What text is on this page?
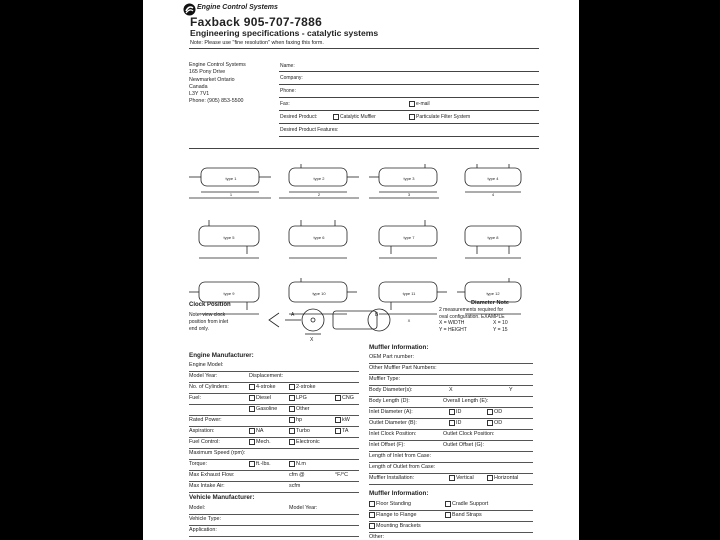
Engine Control Systems
Faxback 905-707-7886
Engineering specifications - catalytic systems
Note: Please use "fine resolution" when faxing this form.
Engine Control Systems
165 Pony Drive
Newmarket Ontario
Canada
L3Y 7V1
Phone: (905) 853-5500
Name:
Company:
Phone:
Fax:	e-mail
Desired Product:	Catalytic Muffler	Particulate Filter System
Desired Product Features:
type 1	type 2	type 3	type 4
type 5	type 6	type 7	type 8
type 9	type 10	type 11	type 12
1	2	3	4
X
Clock Position
Note: view clock
position from inlet
end only.
A
X
B
Diameter Note
2 measurements required for
oval configuration. EXAMPLE
X = WIDTH	X = 10
Y = HEIGHT	Y = 15
Engine Manufacturer:
Engine Model:
Model Year:	Displacement:
No. of Cylinders:	4-stroke	2-stroke
Fuel:	Diesel	LPG	CNG
Gasoline	Other
Rated Power:	hp	kW
Aspiration:	NA	Turbo	TA
Fuel Control:	Mech.	Electronic
Maximum Speed (rpm):
Torque:	ft.-lbs.	N.m
Max Exhaust Flow:	cfm @	°F/°C
Max Intake Air:	scfm
Vehicle Manufacturer:
Model:	Model Year:
Vehicle Type:
Application:
Muffler Information:
OEM Part number:
Other Muffler Part Numbers:
Muffler Type:
Body Diameter(s):	X	Y
Body Length (D):	Overall Length (E):
Inlet Diameter (A):	ID	OD
Outlet Diameter (B):	ID	OD
Inlet Clock Position:	Outlet Clock Position:
Inlet Offset (F):	Outlet Offset (G):
Length of Inlet from Case:
Length of Outlet from Case:
Muffler Installation:	Vertical	Horizontal
Muffler Information:
Floor Standing	Cradle Support
Flange to Flange	Band Straps
Mounting Brackets
Other:
